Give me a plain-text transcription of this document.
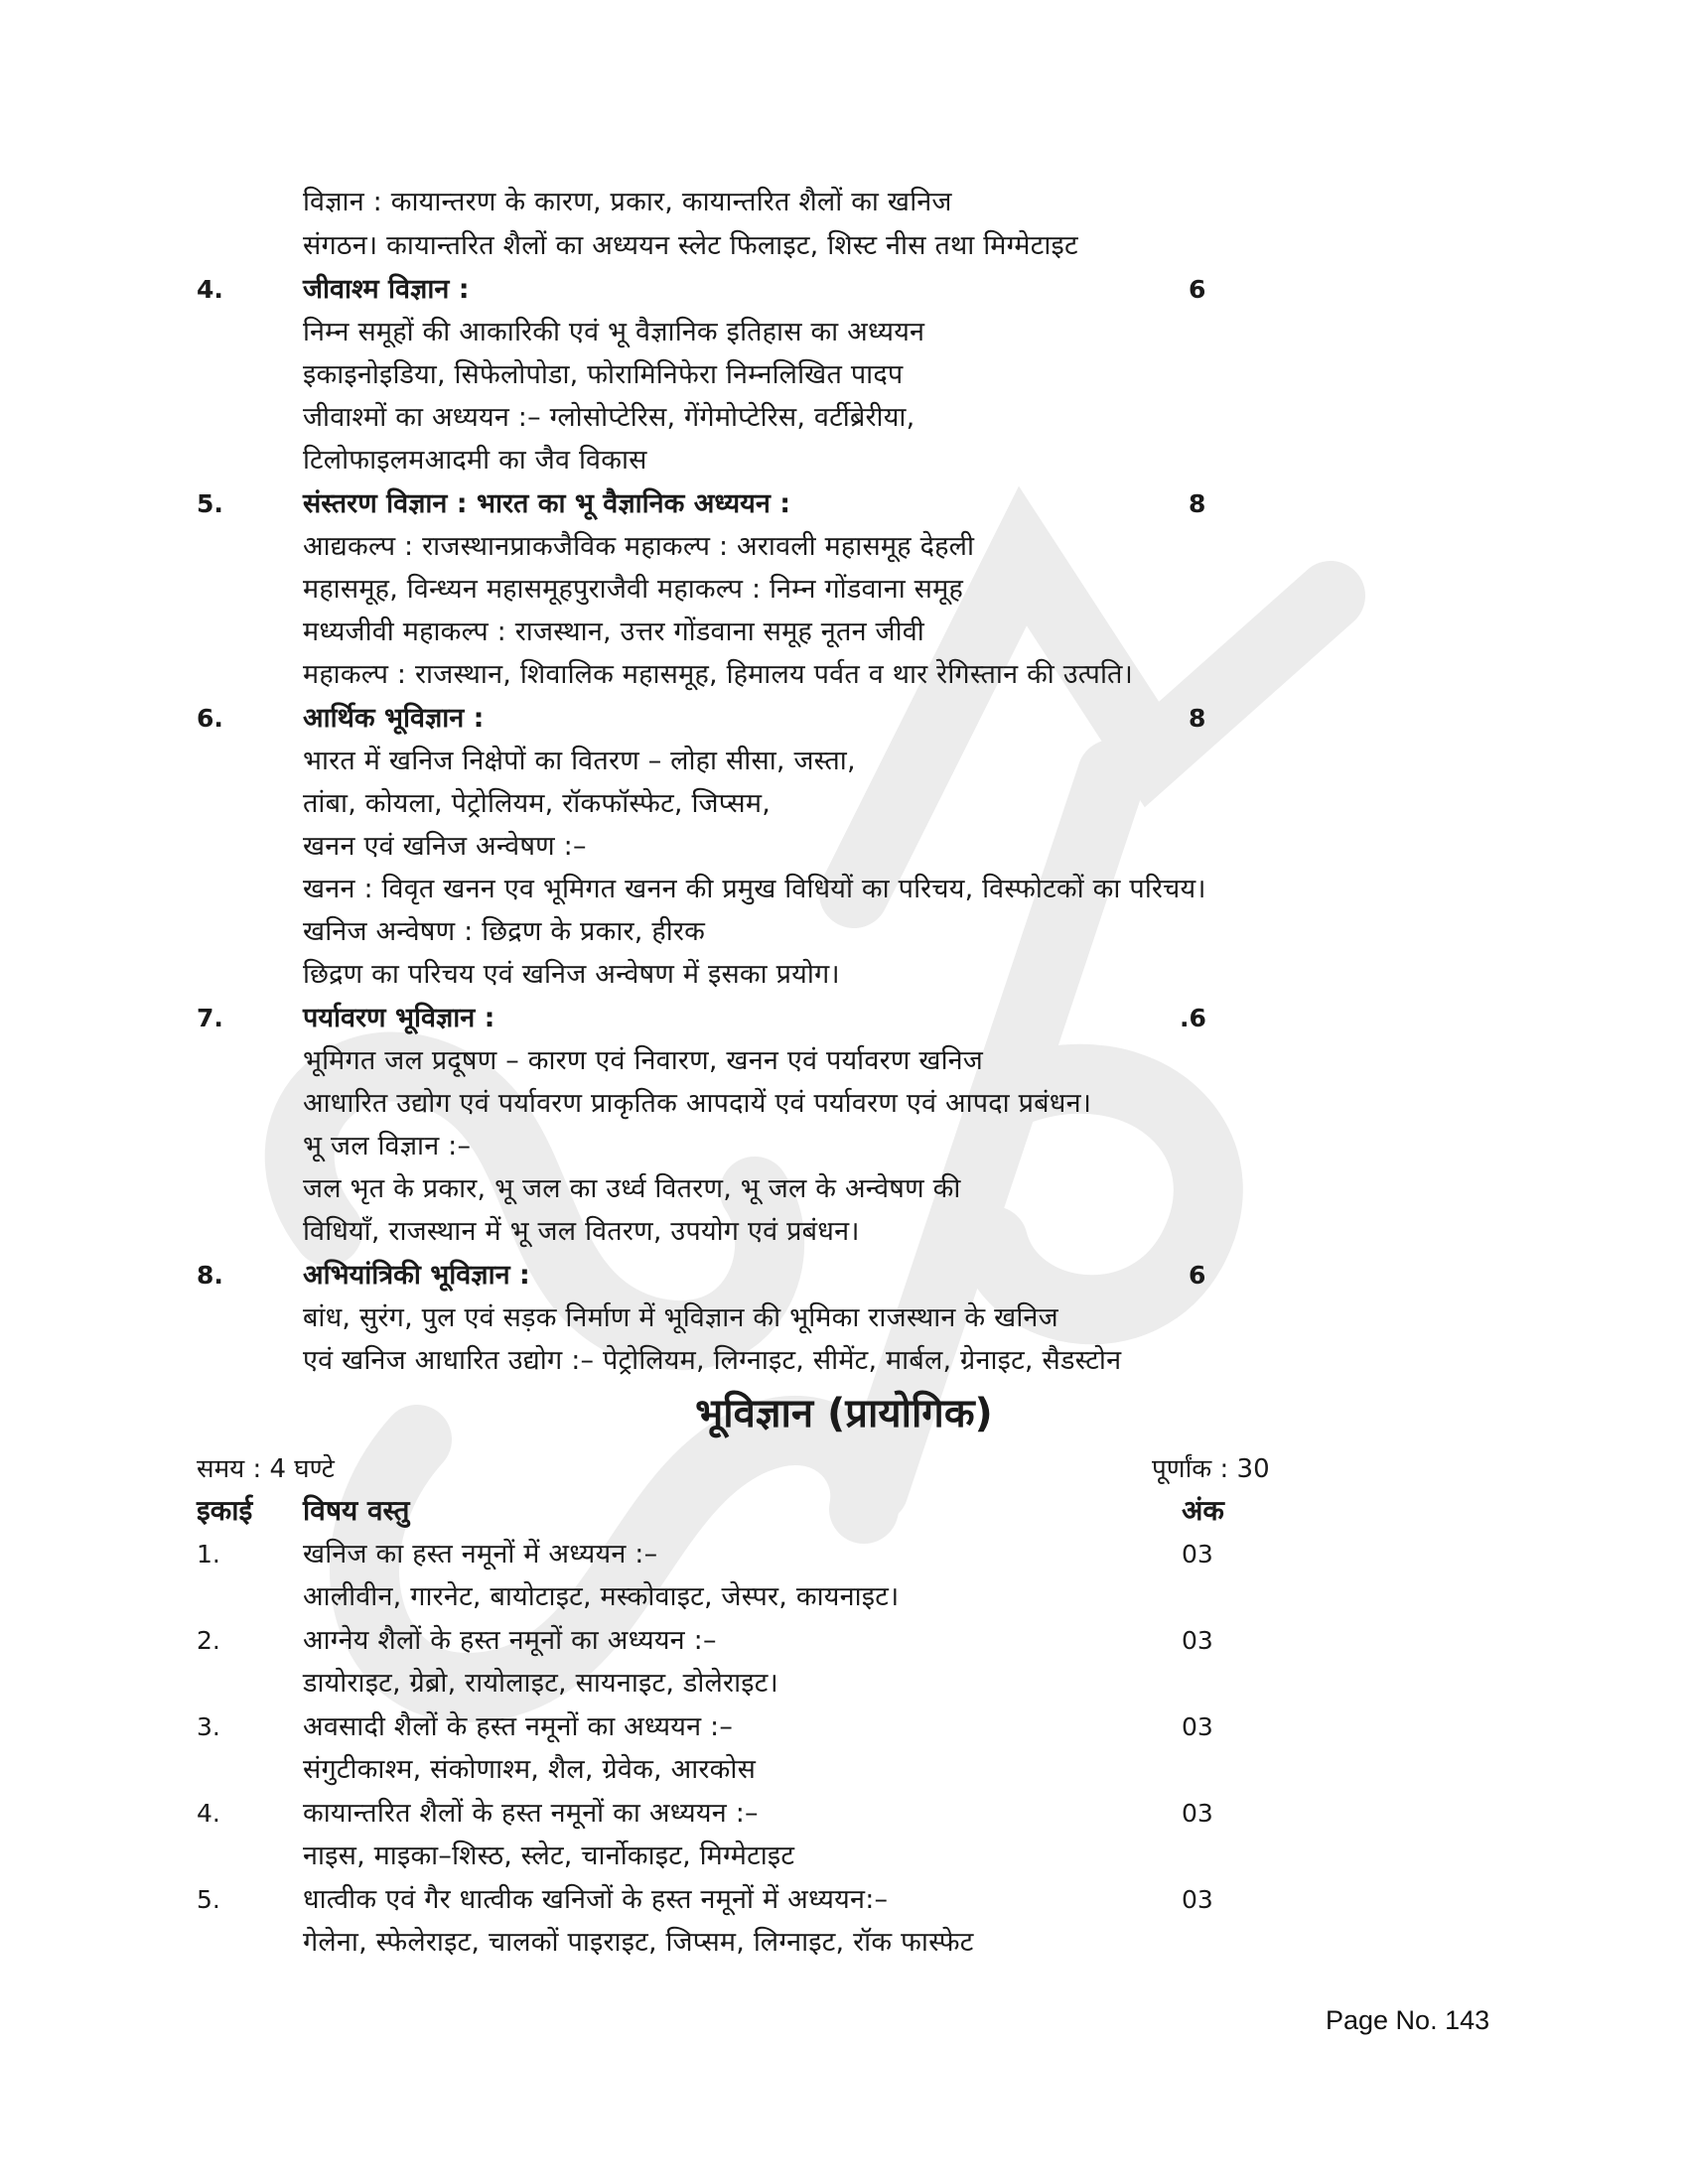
विज्ञान : कायान्तरण के कारण, प्रकार, कायान्तरित शैलों का खनिज
संगठन। कायान्तरित शैलों का अध्ययन स्लेट फिलाइट, शिस्ट नीस तथा मिग्मेटाइट
4.	जीवाश्म विज्ञान :	6
निम्न समूहों की आकारिकी एवं भू वैज्ञानिक इतिहास का अध्ययन
इकाइनोइडिया, सिफेलोपोडा, फोरामिनिफेरा निम्नलिखित पादप
जीवाश्मों का अध्ययन :– ग्लोसोप्टेरिस, गेंगेमोप्टेरिस, वर्टीब्रेरीया,
टिलोफाइलमआदमी का जैव विकास
5.	संस्तरण विज्ञान : भारत का भू वैज्ञानिक अध्ययन :	8
आद्यकल्प : राजस्थानप्राकजैविक महाकल्प : अरावली महासमूह देहली
महासमूह, विन्ध्यन महासमूहपुराजैवी महाकल्प : निम्न गोंडवाना समूह
मध्यजीवी महाकल्प : राजस्थान, उत्तर गोंडवाना समूह नूतन जीवी
महाकल्प : राजस्थान, शिवालिक महासमूह, हिमालय पर्वत व थार रेगिस्तान की उत्पति।
6.	आर्थिक भूविज्ञान :	8
भारत में खनिज निक्षेपों का वितरण – लोहा सीसा, जस्ता,
तांबा, कोयला, पेट्रोलियम, रॉकफॉस्फेट, जिप्सम,
खनन एवं खनिज अन्वेषण :–
खनन : विवृत खनन एव भूमिगत खनन की प्रमुख विधियों का परिचय, विस्फोटकों का परिचय।
खनिज अन्वेषण : छिद्रण के प्रकार, हीरक
छिद्रण का परिचय एवं खनिज अन्वेषण में इसका प्रयोग।
7.	पर्यावरण भूविज्ञान :	.6
भूमिगत जल प्रदूषण – कारण एवं निवारण, खनन एवं पर्यावरण खनिज
आधारित उद्योग एवं पर्यावरण प्राकृतिक आपदायें एवं पर्यावरण एवं आपदा प्रबंधन।
भू जल विज्ञान :–
जल भृत के प्रकार, भू जल का उर्ध्व वितरण, भू जल के अन्वेषण की
विधियॉं, राजस्थान में भू जल वितरण, उपयोग एवं प्रबंधन।
8.	अभियांत्रिकी भूविज्ञान :	6
बांध, सुरंग, पुल एवं सड़क निर्माण में भूविज्ञान की भूमिका राजस्थान के खनिज
एवं खनिज आधारित उद्योग :– पेट्रोलियम, लिग्नाइट, सीमेंट, मार्बल, ग्रेनाइट, सैडस्टोन
भूविज्ञान (प्रायोगिक)
समय : 4 घण्टे	पूर्णांक : 30
इकाई विषय वस्तु	अंक
1.	खनिज का हस्त नमूनों में अध्ययन :–	03
आलीवीन, गारनेट, बायोटाइट, मस्कोवाइट, जेस्पर, कायनाइट।
2.	आग्नेय शैलों के हस्त नमूनों का अध्ययन :–	03
डायोराइट, ग्रेब्रो, रायोलाइट, सायनाइट, डोलेराइट।
3.	अवसादी शैलों के हस्त नमूनों का अध्ययन :–	03
संगुटीकाश्म, संकोणाश्म, शैल, ग्रेवेक, आरकोस
4.	कायान्तरित शैलों के हस्त नमूनों का अध्ययन :–	03
नाइस, माइका–शिस्ठ, स्लेट, चार्नोकाइट, मिग्मेटाइट
5.	धात्वीक एवं गैर धात्वीक खनिजों के हस्त नमूनों में अध्ययन:–	03
गेलेना, स्फेलेराइट, चालकों पाइराइट, जिप्सम, लिग्नाइट, रॉक फास्फेट
Page No. 143
